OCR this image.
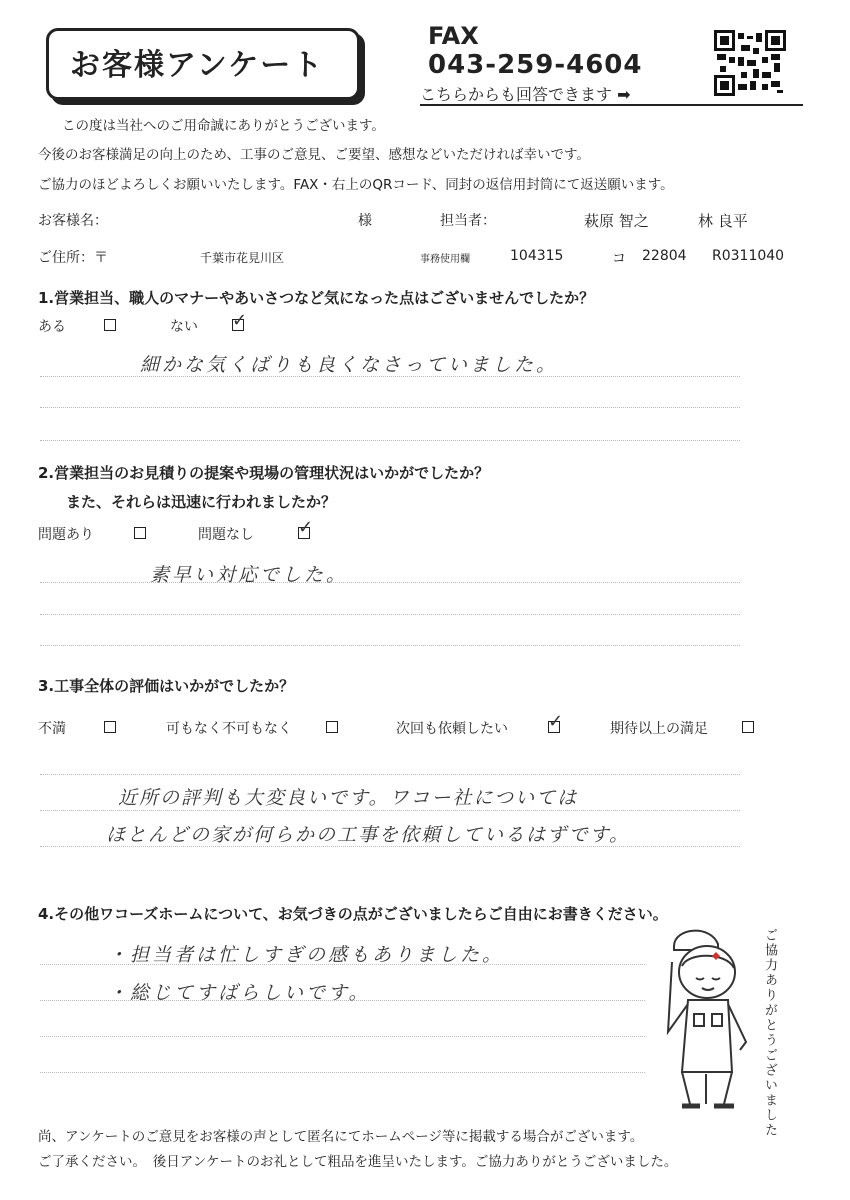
お客様アンケート
FAX
043-259-4604
こちらからも回答できます ➡
この度は当社へのご用命誠にありがとうございます。
今後のお客様満足の向上のため、工事のご意見、ご要望、感想などいただければ幸いです。
ご協力のほどよろしくお願いいたします。FAX・右上のQRコード、同封の返信用封筒にて返送願います。
お客様名：	様	担当者：	萩原 智之	林 良平
ご住所：〒	千葉市花見川区	事務使用欄	104315	コ 22804 R0311040
1.営業担当、職人のマナーやあいさつなど気になった点はございませんでしたか？
ある	ない ✓
細かな気くばりも良くなさっていました。
2.営業担当のお見積りの提案や現場の管理状況はいかがでしたか？
また、それらは迅速に行われましたか？
問題あり	問題なし ✓
素早い対応でした。
3.工事全体の評価はいかがでしたか？
不満	可もなく不可もなく	次回も依頼したい ✓	期待以上の満足
近所の評判も大変良いです。ワコー社については
ほとんどの家が何らかの工事を依頼しているはずです。
4.その他ワコーズホームについて、お気づきの点がございましたらご自由にお書きください。
・担当者は忙しすぎの感もありました。
・総じてすばらしいです。	ご協力ありがとうございました
尚、アンケートのご意見をお客様の声として匿名にてホームページ等に掲載する場合がございます。
ご了承ください。　後日アンケートのお礼として粗品を進呈いたします。ご協力ありがとうございました。
